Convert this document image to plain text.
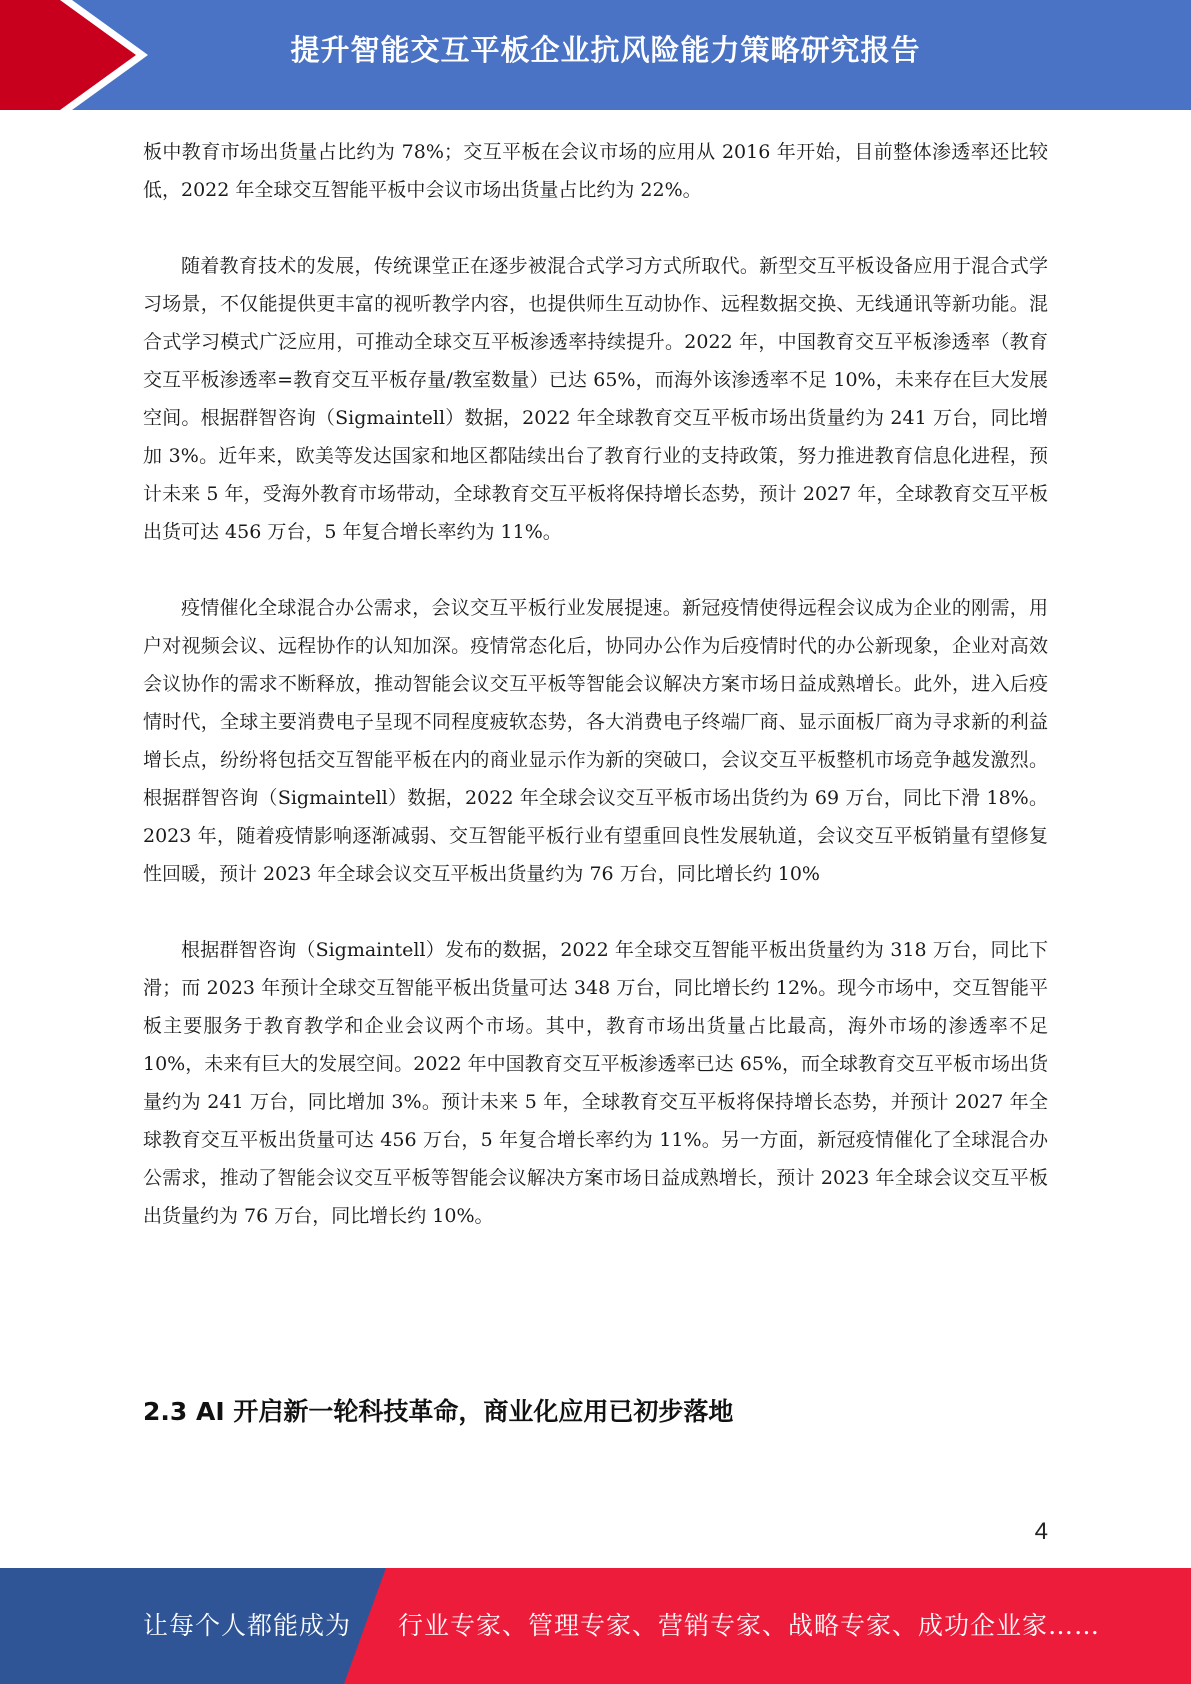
提升智能交互平板企业抗风险能力策略研究报告

板中教育市场出货量占比约为 78%；交互平板在会议市场的应用从 2016 年开始，目前整体渗透率还比较低，2022 年全球交互智能平板中会议市场出货量占比约为 22%。

随着教育技术的发展，传统课堂正在逐步被混合式学习方式所取代。新型交互平板设备应用于混合式学习场景，不仅能提供更丰富的视听教学内容，也提供师生互动协作、远程数据交换、无线通讯等新功能。混合式学习模式广泛应用，可推动全球交互平板渗透率持续提升。2022 年，中国教育交互平板渗透率（教育交互平板渗透率=教育交互平板存量/教室数量）已达 65%，而海外该渗透率不足 10%，未来存在巨大发展空间。根据群智咨询（Sigmaintell）数据，2022 年全球教育交互平板市场出货量约为 241 万台，同比增加 3%。近年来，欧美等发达国家和地区都陆续出台了教育行业的支持政策，努力推进教育信息化进程，预计未来 5 年，受海外教育市场带动，全球教育交互平板将保持增长态势，预计 2027 年，全球教育交互平板出货可达 456 万台，5 年复合增长率约为 11%。

疫情催化全球混合办公需求，会议交互平板行业发展提速。新冠疫情使得远程会议成为企业的刚需，用户对视频会议、远程协作的认知加深。疫情常态化后，协同办公作为后疫情时代的办公新现象，企业对高效会议协作的需求不断释放，推动智能会议交互平板等智能会议解决方案市场日益成熟增长。此外，进入后疫情时代，全球主要消费电子呈现不同程度疲软态势，各大消费电子终端厂商、显示面板厂商为寻求新的利益增长点，纷纷将包括交互智能平板在内的商业显示作为新的突破口，会议交互平板整机市场竞争越发激烈。根据群智咨询（Sigmaintell）数据，2022 年全球会议交互平板市场出货约为 69 万台，同比下滑 18%。2023 年，随着疫情影响逐渐减弱、交互智能平板行业有望重回良性发展轨道，会议交互平板销量有望修复性回暖，预计 2023 年全球会议交互平板出货量约为 76 万台，同比增长约 10%

根据群智咨询（Sigmaintell）发布的数据，2022 年全球交互智能平板出货量约为 318 万台，同比下滑；而 2023 年预计全球交互智能平板出货量可达 348 万台，同比增长约 12%。现今市场中，交互智能平板主要服务于教育教学和企业会议两个市场。其中，教育市场出货量占比最高，海外市场的渗透率不足 10%，未来有巨大的发展空间。2022 年中国教育交互平板渗透率已达 65%，而全球教育交互平板市场出货量约为 241 万台，同比增加 3%。预计未来 5 年，全球教育交互平板将保持增长态势，并预计 2027 年全球教育交互平板出货量可达 456 万台，5 年复合增长率约为 11%。另一方面，新冠疫情催化了全球混合办公需求，推动了智能会议交互平板等智能会议解决方案市场日益成熟增长，预计 2023 年全球会议交互平板出货量约为 76 万台，同比增长约 10%。

2.3 AI 开启新一轮科技革命，商业化应用已初步落地
4
让每个人都能成为 行业专家、管理专家、营销专家、战略专家、成功企业家……
